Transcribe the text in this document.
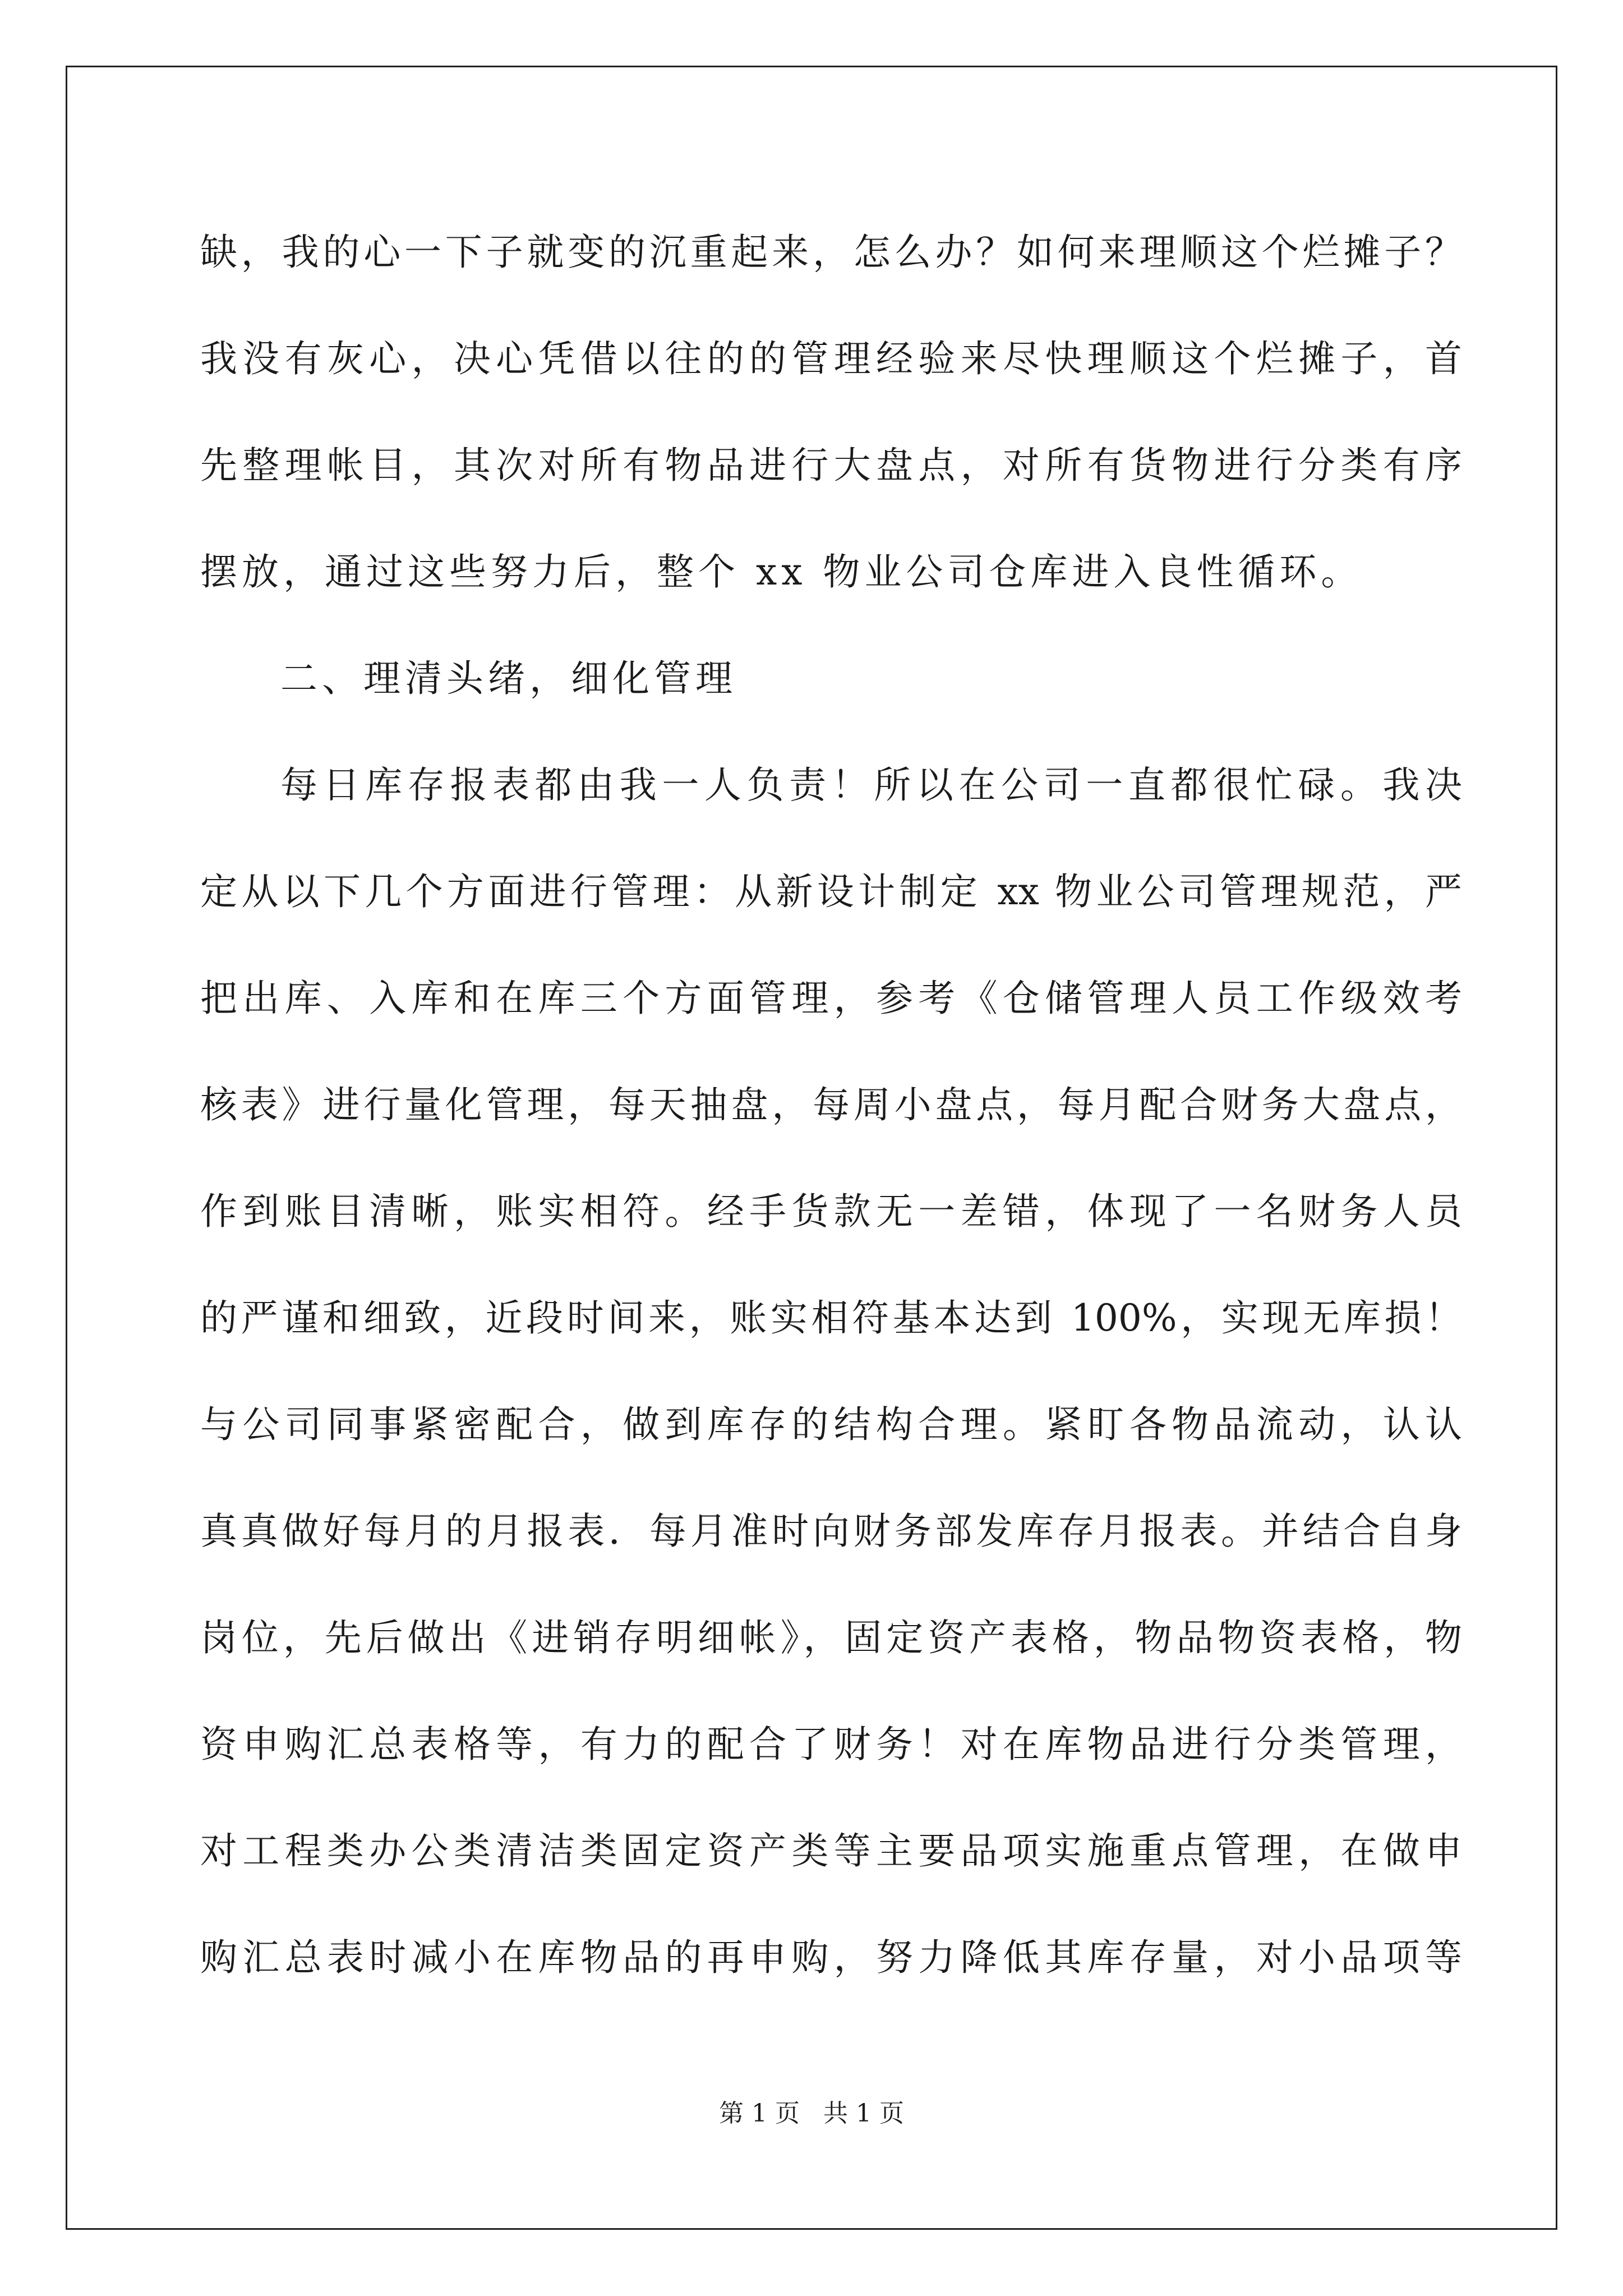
缺，我的心一下子就变的沉重起来，怎么办？如何来理顺这个烂摊子？
我没有灰心，决心凭借以往的的管理经验来尽快理顺这个烂摊子，首
先整理帐目，其次对所有物品进行大盘点，对所有货物进行分类有序
摆放，通过这些努力后，整个 xx 物业公司仓库进入良性循环。
二、理清头绪，细化管理
每日库存报表都由我一人负责！所以在公司一直都很忙碌。我决
定从以下几个方面进行管理：从新设计制定 xx 物业公司管理规范，严
把出库、入库和在库三个方面管理，参考《仓储管理人员工作级效考
核表》进行量化管理，每天抽盘，每周小盘点，每月配合财务大盘点，
作到账目清晰，账实相符。经手货款无一差错，体现了一名财务人员
的严谨和细致，近段时间来，账实相符基本达到 100%，实现无库损！
与公司同事紧密配合，做到库存的结构合理。紧盯各物品流动，认认
真真做好每月的月报表．每月准时向财务部发库存月报表。并结合自身
岗位，先后做出《进销存明细帐》，固定资产表格，物品物资表格，物
资申购汇总表格等，有力的配合了财务！对在库物品进行分类管理，
对工程类办公类清洁类固定资产类等主要品项实施重点管理，在做申
购汇总表时减小在库物品的再申购，努力降低其库存量，对小品项等
第 1 页   共 1 页
